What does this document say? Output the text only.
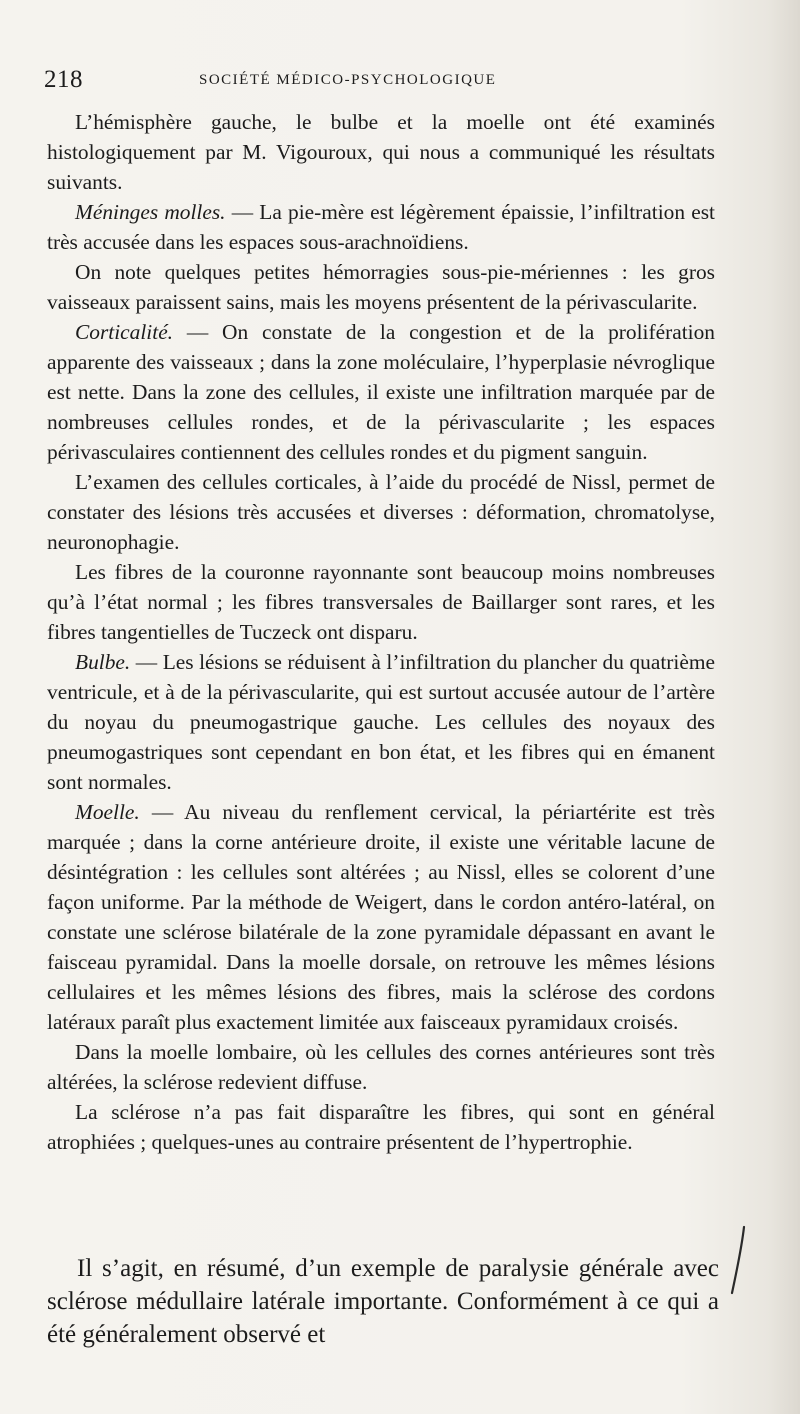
218	SOCIÉTÉ MÉDICO-PSYCHOLOGIQUE

L’hémisphère gauche, le bulbe et la moelle ont été examinés histologiquement par M. Vigouroux, qui nous a communiqué les résultats suivants.

Méninges molles. — La pie-mère est légèrement épaissie, l’infiltration est très accusée dans les espaces sous-arachnoïdiens.

On note quelques petites hémorragies sous-pie-mériennes : les gros vaisseaux paraissent sains, mais les moyens présentent de la périvascularite.

Corticalité. — On constate de la congestion et de la prolifération apparente des vaisseaux ; dans la zone moléculaire, l’hyperplasie névroglique est nette. Dans la zone des cellules, il existe une infiltration marquée par de nombreuses cellules rondes, et de la périvascularite ; les espaces périvasculaires contiennent des cellules rondes et du pigment sanguin.

L’examen des cellules corticales, à l’aide du procédé de Nissl, permet de constater des lésions très accusées et diverses : déformation, chromatolyse, neuronophagie.

Les fibres de la couronne rayonnante sont beaucoup moins nombreuses qu’à l’état normal ; les fibres transversales de Baillarger sont rares, et les fibres tangentielles de Tuczeck ont disparu.

Bulbe. — Les lésions se réduisent à l’infiltration du plancher du quatrième ventricule, et à de la périvascularite, qui est surtout accusée autour de l’artère du noyau du pneumogastrique gauche. Les cellules des noyaux des pneumogastriques sont cependant en bon état, et les fibres qui en émanent sont normales.

Moelle. — Au niveau du renflement cervical, la périartérite est très marquée ; dans la corne antérieure droite, il existe une véritable lacune de désintégration : les cellules sont altérées ; au Nissl, elles se colorent d’une façon uniforme. Par la méthode de Weigert, dans le cordon antéro-latéral, on constate une sclérose bilatérale de la zone pyramidale dépassant en avant le faisceau pyramidal. Dans la moelle dorsale, on retrouve les mêmes lésions cellulaires et les mêmes lésions des fibres, mais la sclérose des cordons latéraux paraît plus exactement limitée aux faisceaux pyramidaux croisés.

Dans la moelle lombaire, où les cellules des cornes antérieures sont très altérées, la sclérose redevient diffuse.

La sclérose n’a pas fait disparaître les fibres, qui sont en général atrophiées ; quelques-unes au contraire présentent de l’hypertrophie.

Il s’agit, en résumé, d’un exemple de paralysie générale avec sclérose médullaire latérale importante. Conformément à ce qui a été généralement observé et
